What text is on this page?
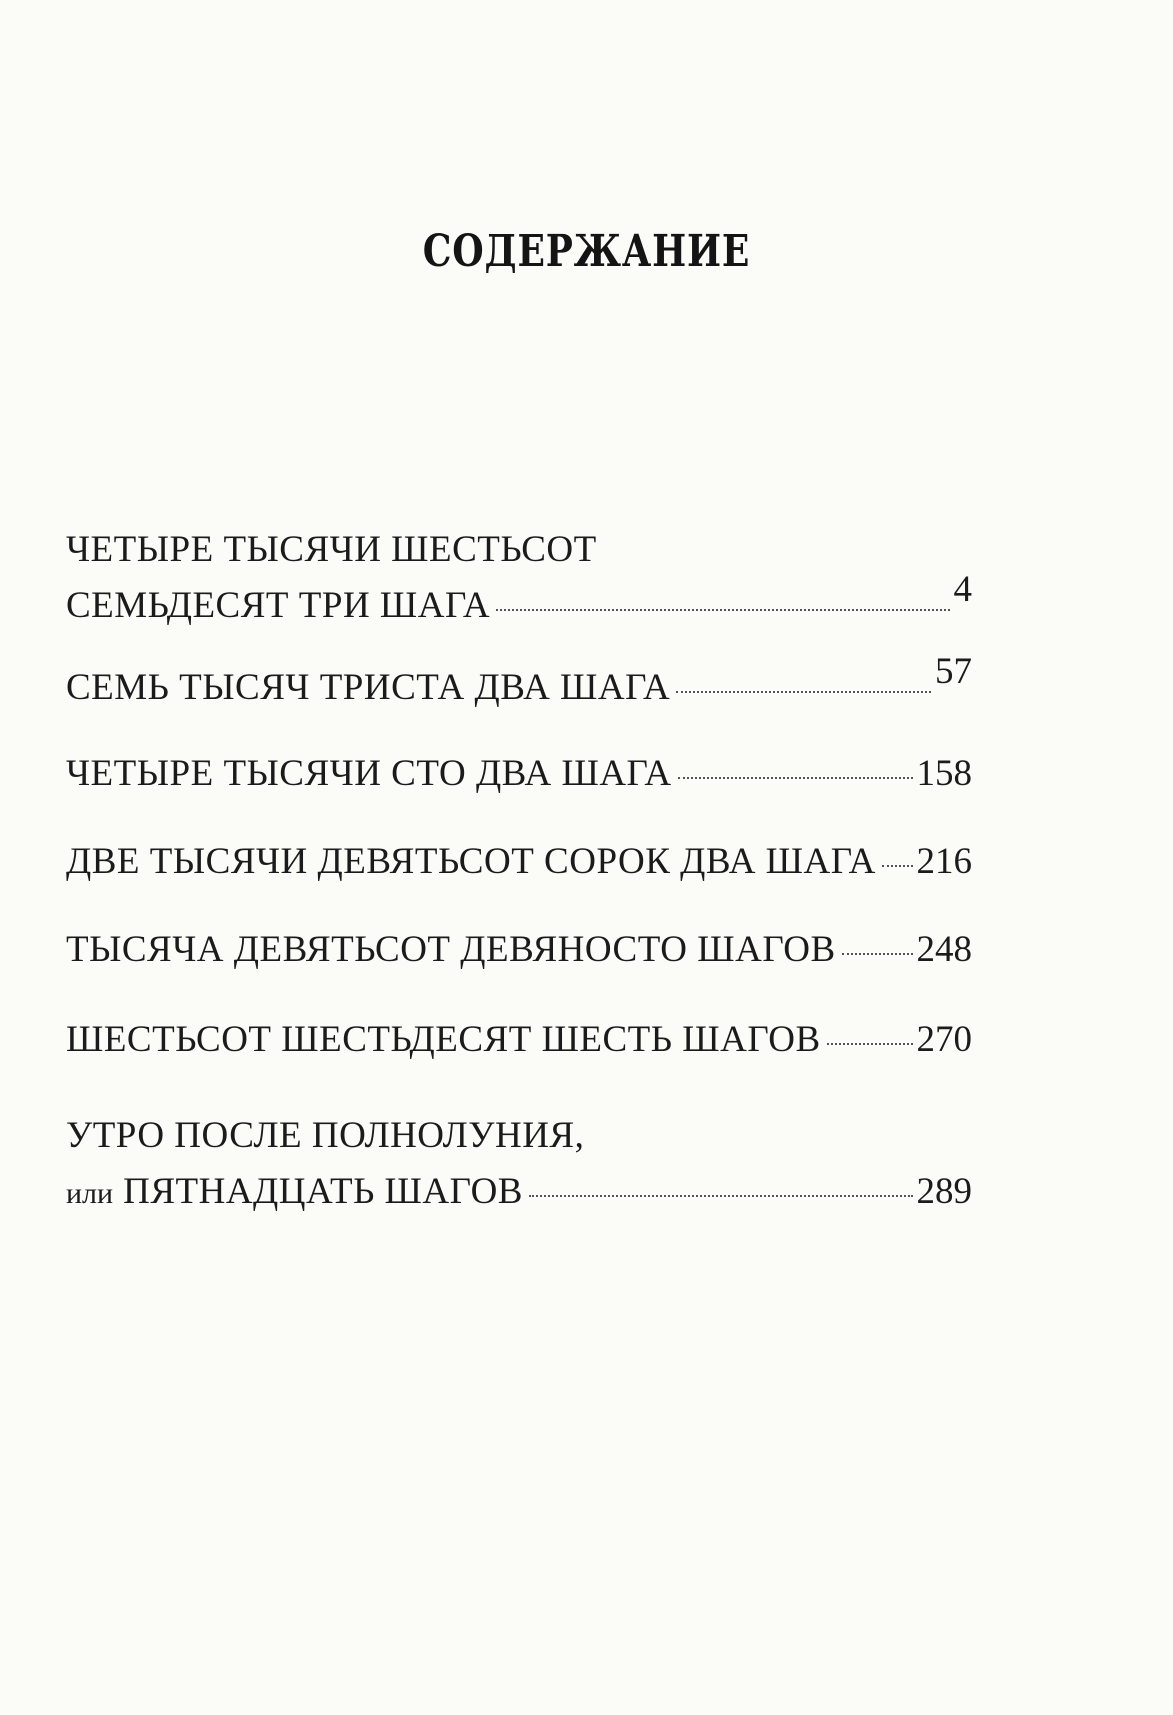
СОДЕРЖАНИЕ
ЧЕТЫРЕ ТЫСЯЧИ ШЕСТЬСОТ
СЕМЬДЕСЯТ ТРИ ШАГА	4
СЕМЬ ТЫСЯЧ ТРИСТА ДВА ШАГА	57
ЧЕТЫРЕ ТЫСЯЧИ СТО ДВА ШАГА	158
ДВЕ ТЫСЯЧИ ДЕВЯТЬСОТ СОРОК ДВА ШАГА 216
ТЫСЯЧА ДЕВЯТЬСОТ ДЕВЯНОСТО ШАГОВ 248
ШЕСТЬСОТ ШЕСТЬДЕСЯТ ШЕСТЬ ШАГОВ	270
УТРО ПОСЛЕ ПОЛНОЛУНИЯ,
или ПЯТНАДЦАТЬ ШАГОВ	289
